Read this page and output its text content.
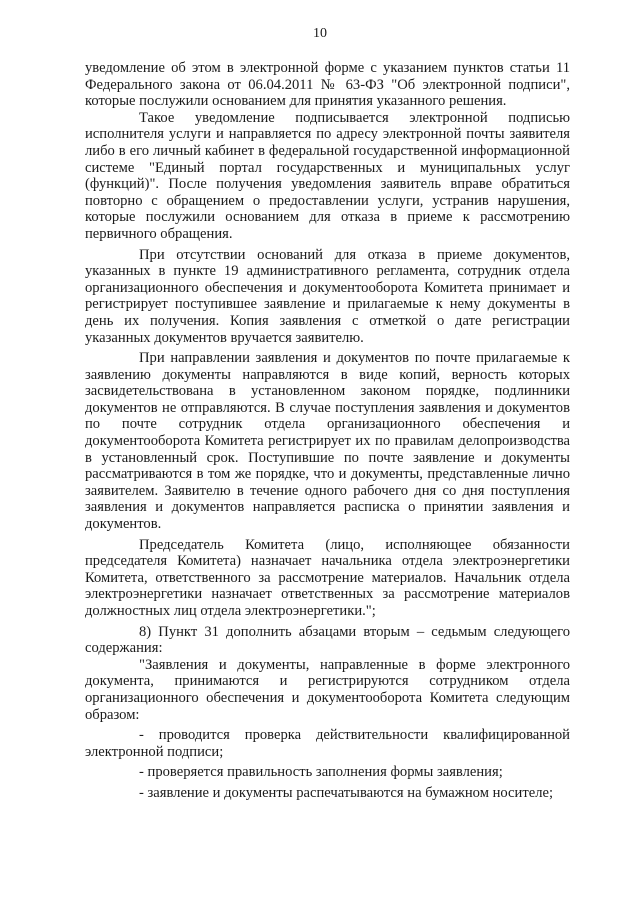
10

уведомление об этом в электронной форме с указанием пунктов статьи 11 Федерального закона от 06.04.2011 № 63-ФЗ "Об электронной подписи", которые послужили основанием для принятия указанного решения.

Такое уведомление подписывается электронной подписью исполнителя услуги и направляется по адресу электронной почты заявителя либо в его личный кабинет в федеральной государственной информационной системе "Единый портал государственных и муниципальных услуг (функций)". После получения уведомления заявитель вправе обратиться повторно с обращением о предоставлении услуги, устранив нарушения, которые послужили основанием для отказа в приеме к рассмотрению первичного обращения.

При отсутствии оснований для отказа в приеме документов, указанных в пункте 19 административного регламента, сотрудник отдела организационного обеспечения и документооборота Комитета принимает и регистрирует поступившее заявление и прилагаемые к нему документы в день их получения. Копия заявления с отметкой о дате регистрации указанных документов вручается заявителю.

При направлении заявления и документов по почте прилагаемые к заявлению документы направляются в виде копий, верность которых засвидетельствована в установленном законом порядке, подлинники документов не отправляются. В случае поступления заявления и документов по почте сотрудник отдела организационного обеспечения и документооборота Комитета регистрирует их по правилам делопроизводства в установленный срок. Поступившие по почте заявление и документы рассматриваются в том же порядке, что и документы, представленные лично заявителем. Заявителю в течение одного рабочего дня со дня поступления заявления и документов направляется расписка о принятии заявления и документов.

Председатель Комитета (лицо, исполняющее обязанности председателя Комитета) назначает начальника отдела электроэнергетики Комитета, ответственного за рассмотрение материалов. Начальник отдела электроэнергетики назначает ответственных за рассмотрение материалов должностных лиц отдела электроэнергетики.";

8) Пункт 31 дополнить абзацами вторым – седьмым следующего содержания:

"Заявления и документы, направленные в форме электронного документа, принимаются и регистрируются сотрудником отдела организационного обеспечения и документооборота Комитета следующим образом:

- проводится проверка действительности квалифицированной электронной подписи;

- проверяется правильность заполнения формы заявления;

- заявление и документы распечатываются на бумажном носителе;
